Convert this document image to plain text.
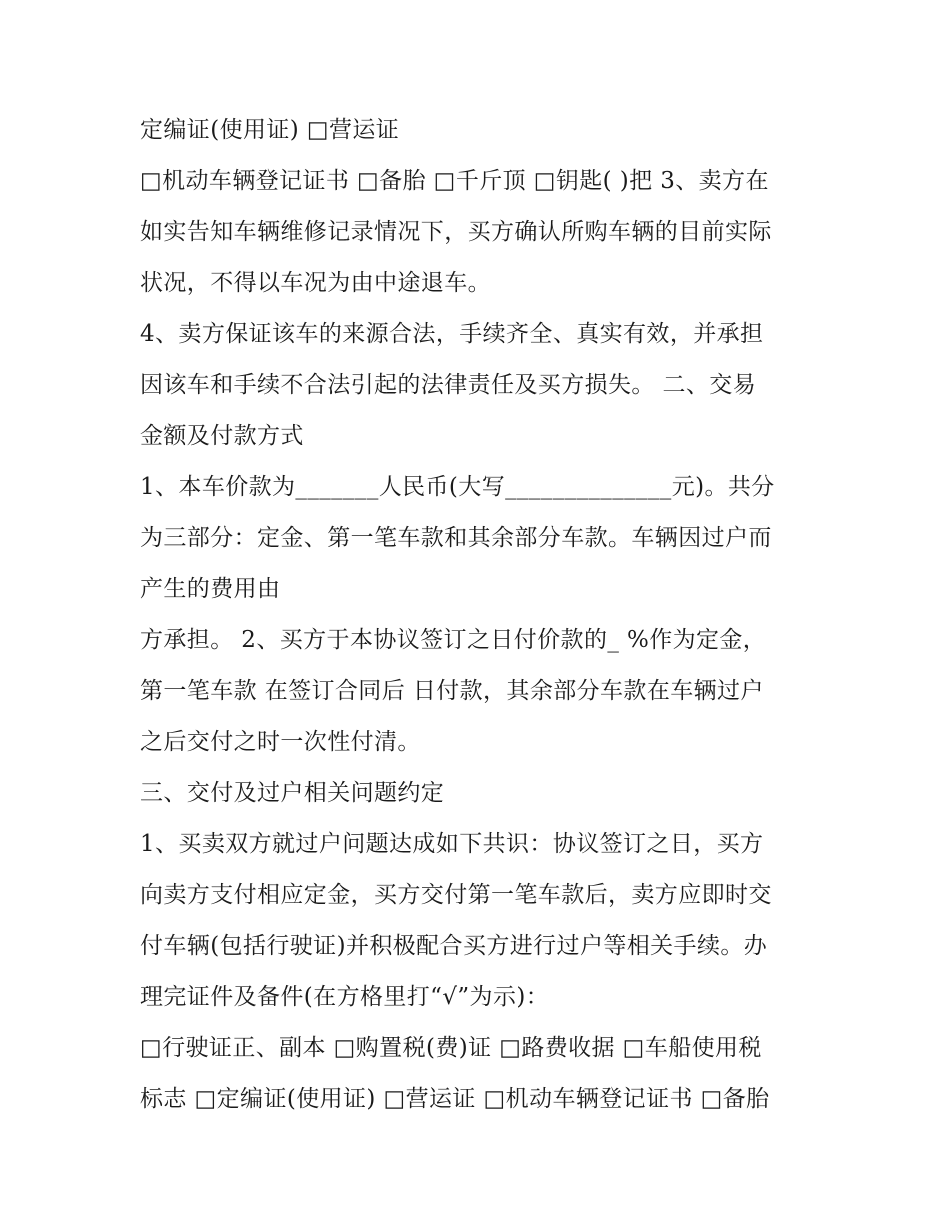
定编证(使用证) □营运证
□机动车辆登记证书 □备胎 □千斤顶 □钥匙( )把 3、卖方在
如实告知车辆维修记录情况下，买方确认所购车辆的目前实际
状况，不得以车况为由中途退车。
4、卖方保证该车的来源合法，手续齐全、真实有效，并承担
因该车和手续不合法引起的法律责任及买方损失。 二、交易
金额及付款方式
1、本车价款为_______人民币(大写______________元)。共分
为三部分：定金、第一笔车款和其余部分车款。车辆因过户而
产生的费用由
方承担。 2、买方于本协议签订之日付价款的_ %作为定金，
第一笔车款 在签订合同后 日付款，其余部分车款在车辆过户
之后交付之时一次性付清。
三、交付及过户相关问题约定
1、买卖双方就过户问题达成如下共识：协议签订之日，买方
向卖方支付相应定金，买方交付第一笔车款后，卖方应即时交
付车辆(包括行驶证)并积极配合买方进行过户等相关手续。办
理完证件及备件(在方格里打“√”为示)：
□行驶证正、副本 □购置税(费)证 □路费收据 □车船使用税
标志 □定编证(使用证) □营运证 □机动车辆登记证书 □备胎
